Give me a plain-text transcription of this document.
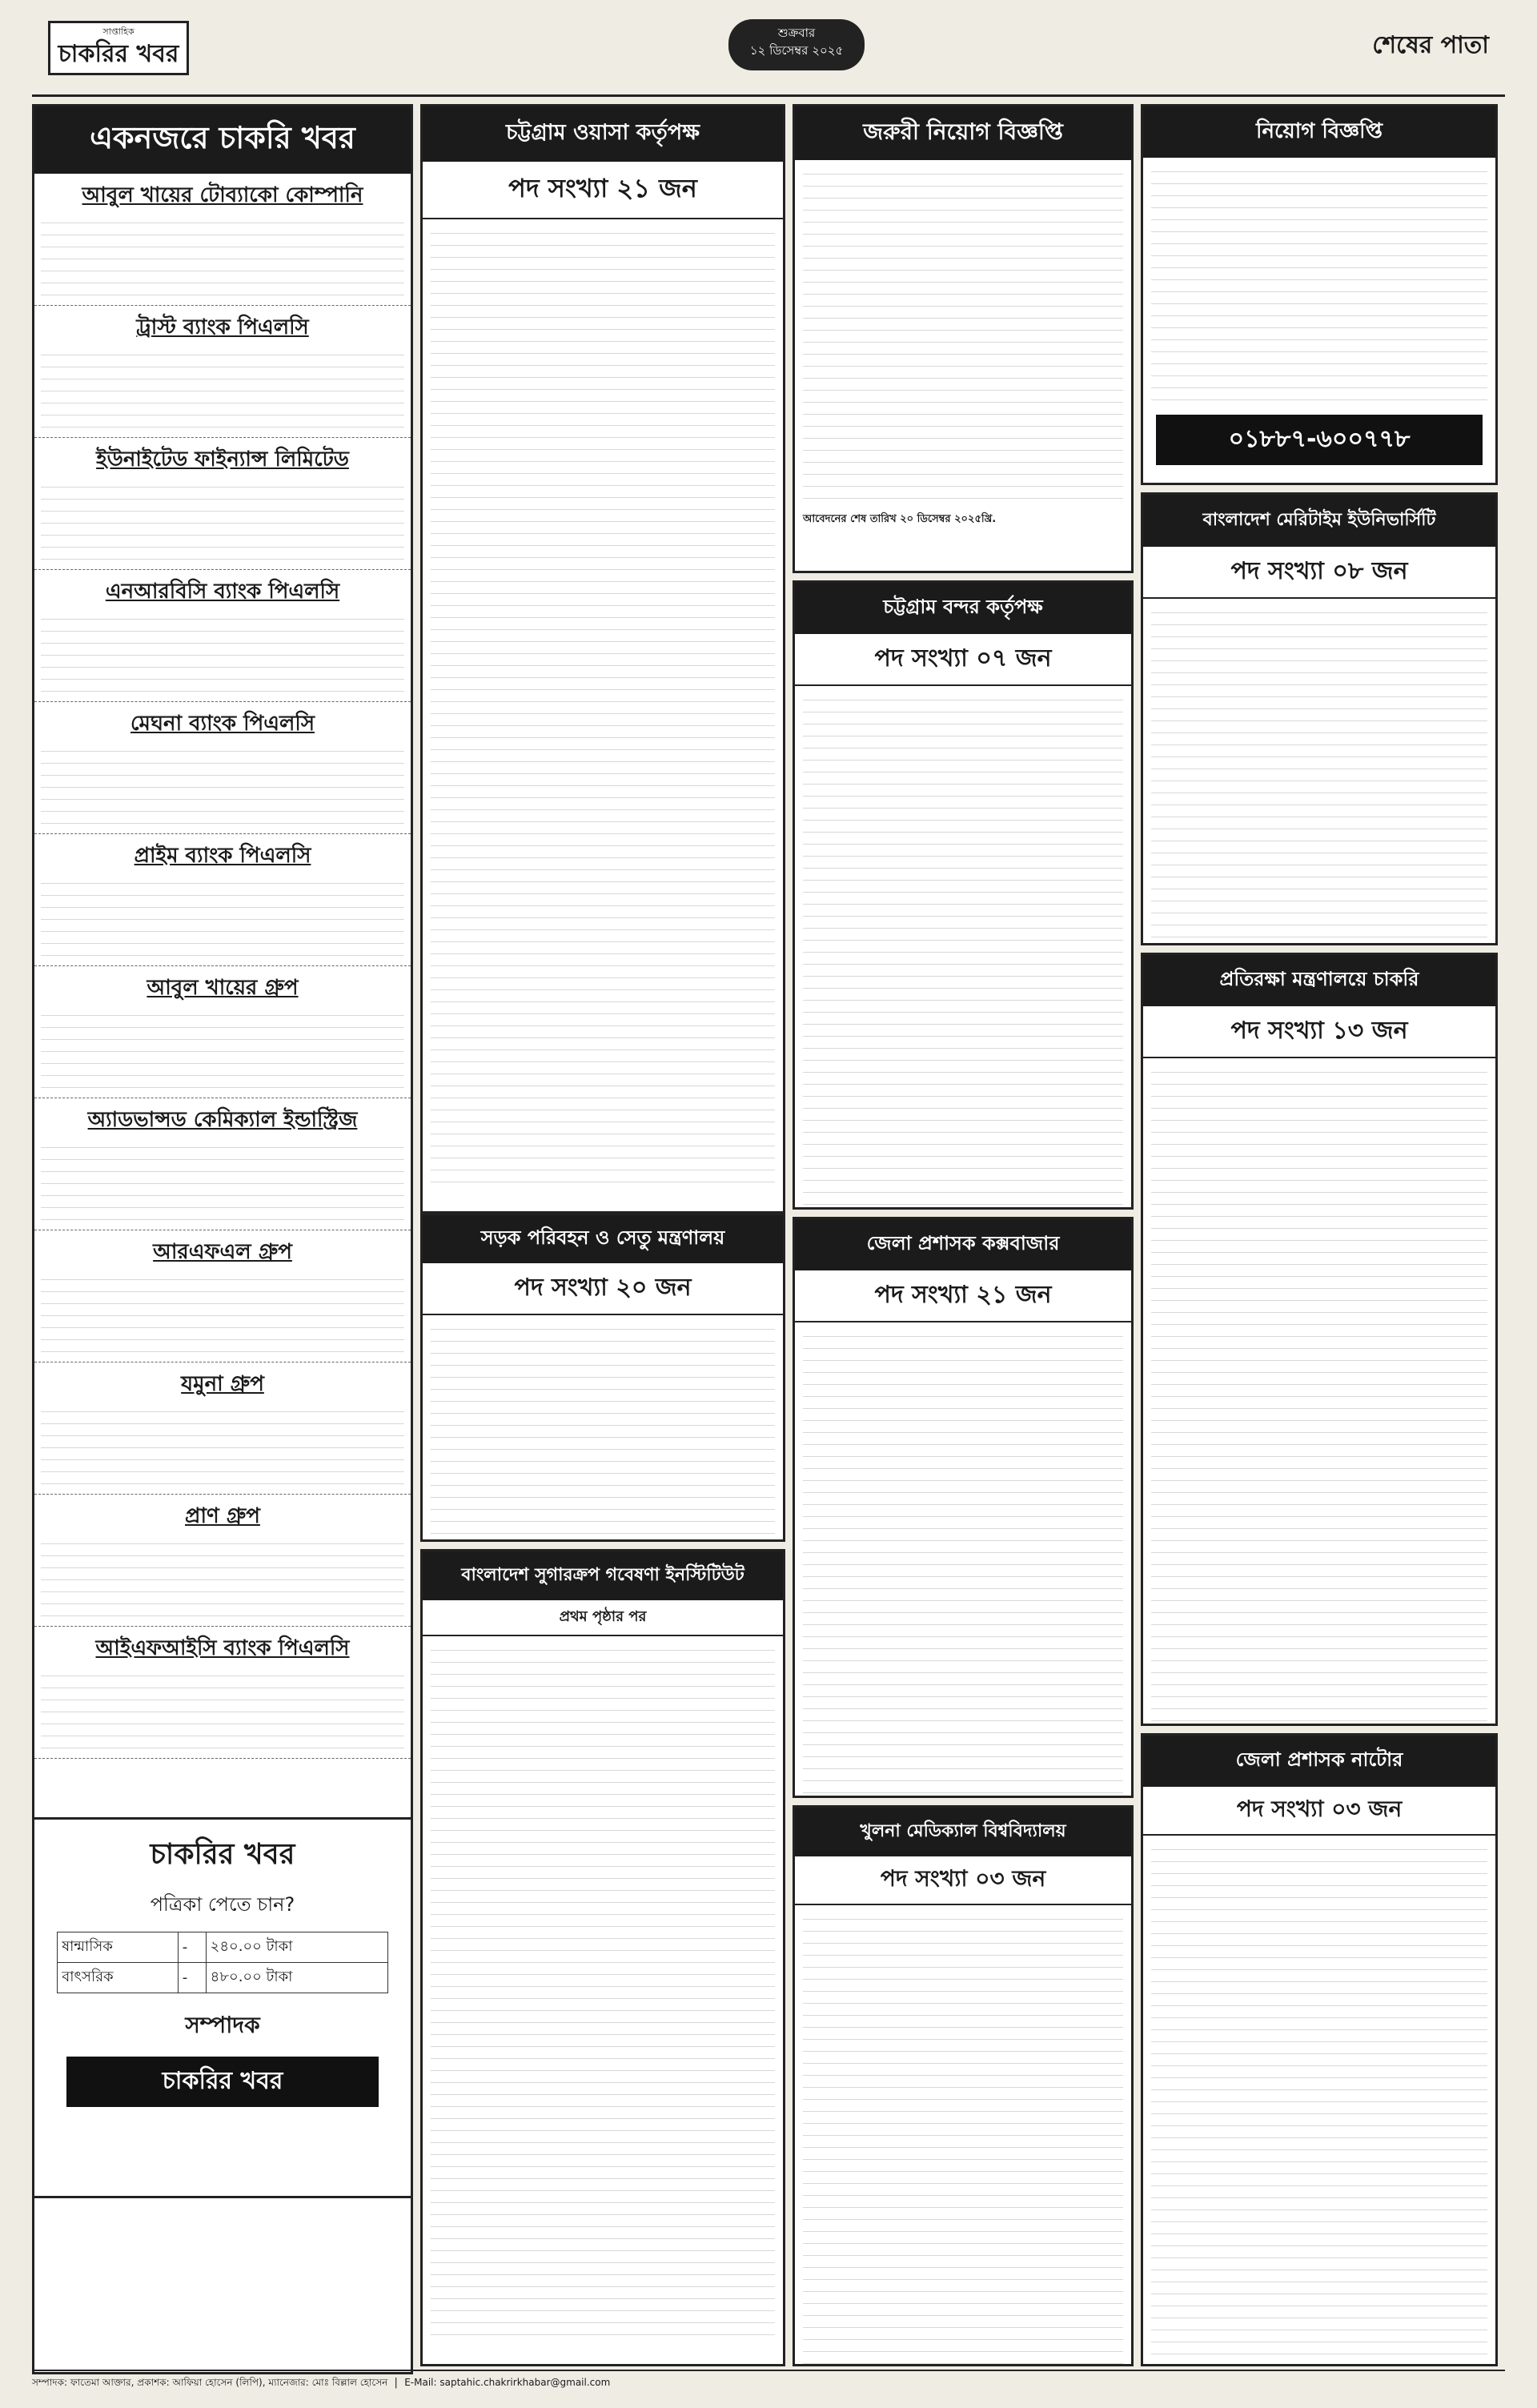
সাপ্তাহিক
চাকরির খবর
শুক্রবার
১২ ডিসেম্বর ২০২৫	শেষের পাতা
একনজরে চাকরি খবর
আবুল খায়ের টোব্যাকো কোম্পানি
ট্রাস্ট ব্যাংক পিএলসি
ইউনাইটেড ফাইন্যান্স লিমিটেড
এনআরবিসি ব্যাংক পিএলসি
মেঘনা ব্যাংক পিএলসি
প্রাইম ব্যাংক পিএলসি
আবুল খায়ের গ্রুপ
অ্যাডভান্সড কেমিক্যাল ইন্ডাস্ট্রিজ
আরএফএল গ্রুপ
যমুনা গ্রুপ
প্রাণ গ্রুপ
আইএফআইসি ব্যাংক পিএলসি
চাকরির খবর
পত্রিকা পেতে চান?
ষান্মাসিক	-	২৪০.০০ টাকা
বাৎসরিক	-	৪৮০.০০ টাকা
সম্পাদক
চাকরির খবর
চট্টগ্রাম ওয়াসা কর্তৃপক্ষ
পদ সংখ্যা ২১ জন
সড়ক পরিবহন ও সেতু মন্ত্রণালয়
পদ সংখ্যা ২০ জন
বাংলাদেশ সুগারক্রপ গবেষণা ইনস্টিটিউট
প্রথম পৃষ্ঠার পর
জরুরী নিয়োগ বিজ্ঞপ্তি
আবেদনের শেষ তারিখ ২০ ডিসেম্বর ২০২৫খ্রি.
নিয়োগ বিজ্ঞপ্তি
০১৮৮৭-৬০০৭৭৮
চট্টগ্রাম বন্দর কর্তৃপক্ষ
পদ সংখ্যা ০৭ জন
বাংলাদেশ মেরিটাইম ইউনিভার্সিটি
পদ সংখ্যা ০৮ জন
জেলা প্রশাসক কক্সবাজার
পদ সংখ্যা ২১ জন
প্রতিরক্ষা মন্ত্রণালয়ে চাকরি
পদ সংখ্যা ১৩ জন
খুলনা মেডিক্যাল বিশ্ববিদ্যালয়
পদ সংখ্যা ০৩ জন
জেলা প্রশাসক নাটোর
পদ সংখ্যা ০৩ জন
সম্পাদক: ফাতেমা আক্তার, প্রকাশক: আফিয়া হোসেন (লিপি), ম্যানেজার: মোঃ বিল্লাল হোসেন  |  E-Mail: saptahic.chakrirkhabar@gmail.com
